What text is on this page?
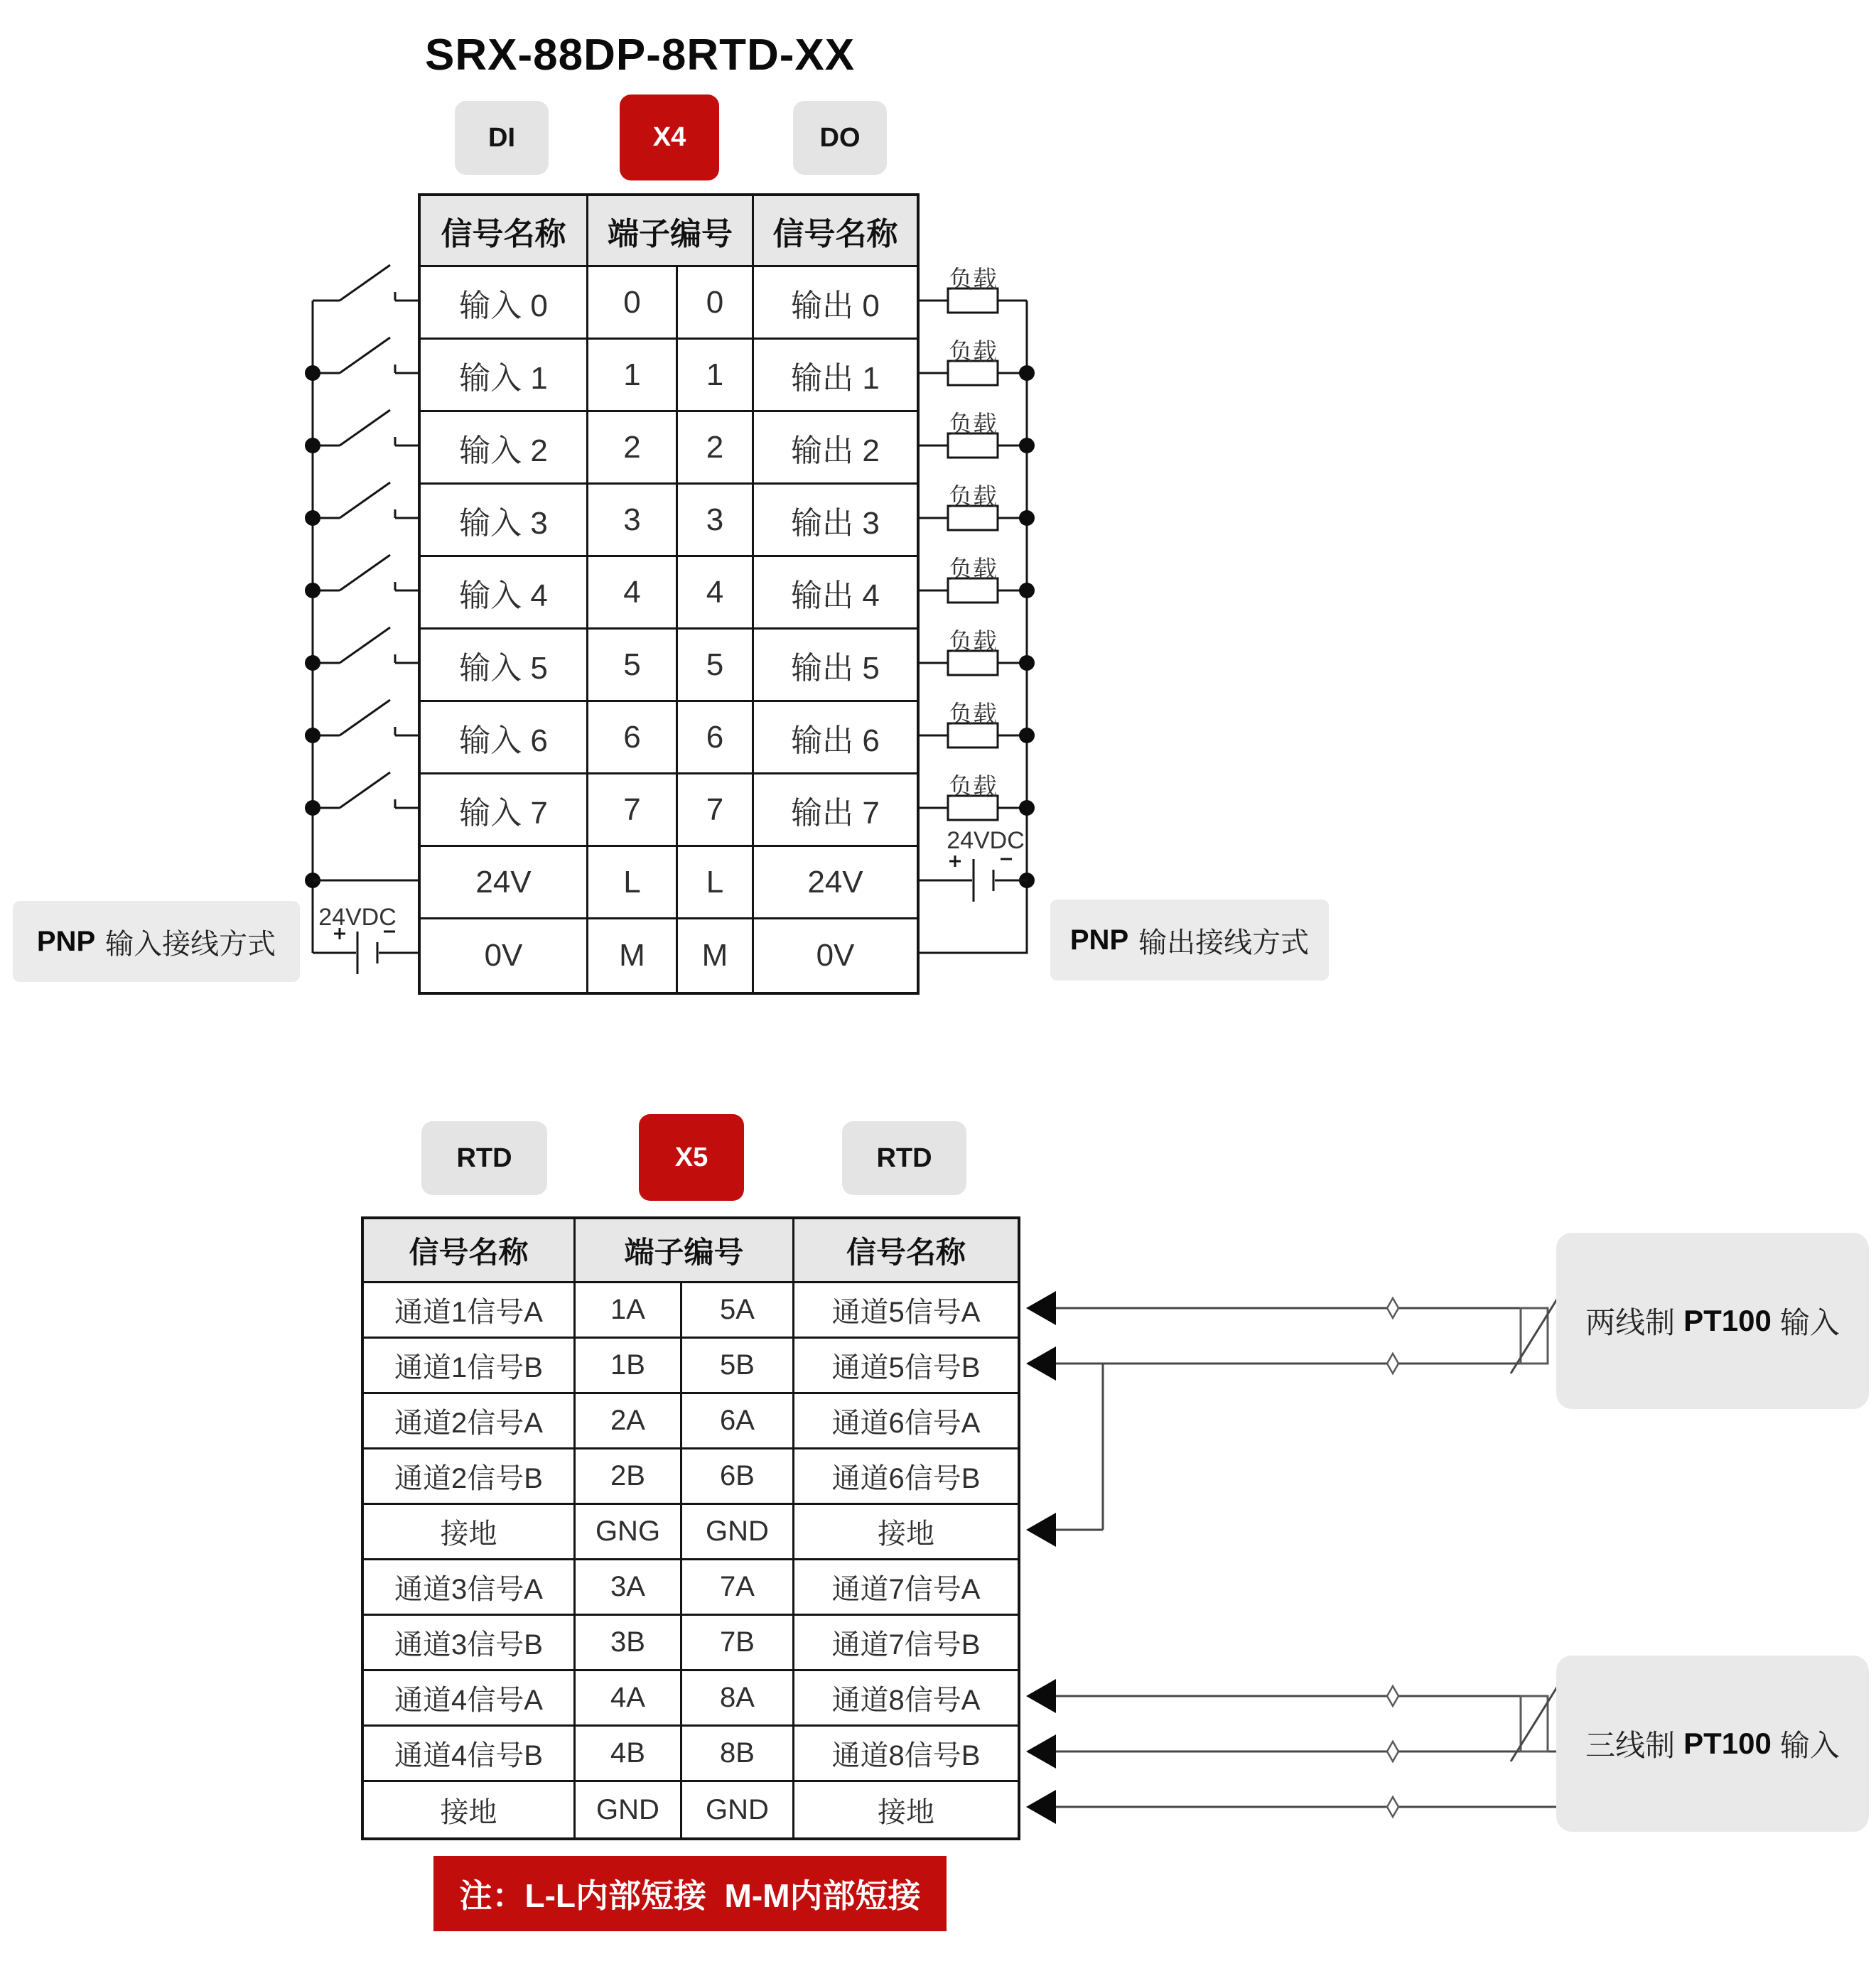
SRX-88DP-8RTD-XX
DI	X4	DO
信号名称	端子编号	信号名称
输入 0	0	0	输出 0
输入 1	1	1	输出 1
输入 2	2	2	输出 2
输入 3	3	3	输出 3
输入 4	4	4	输出 4
输入 5	5	5	输出 5
输入 6	6	6	输出 6
输入 7	7	7	输出 7
24V	L	L	24V
0V	M	M	0V
负载
负载
负载
负载
负载
负载
负载
负载
24VDC
24VDC
PNP 输入接线方式	PNP 输出接线方式
RTD	X5	RTD
信号名称	端子编号	信号名称
通道1信号A	1A	5A	通道5信号A
通道1信号B	1B	5B	通道5信号B
通道2信号A	2A	6A	通道6信号A
通道2信号B	2B	6B	通道6信号B
接地	GNG	GND	接地
通道3信号A	3A	7A	通道7信号A
通道3信号B	3B	7B	通道7信号B
通道4信号A	4A	8A	通道8信号A
通道4信号B	4B	8B	通道8信号B
接地	GND	GND	接地
两线制 PT100 输入
三线制 PT100 输入
注：L-L内部短接  M-M内部短接
